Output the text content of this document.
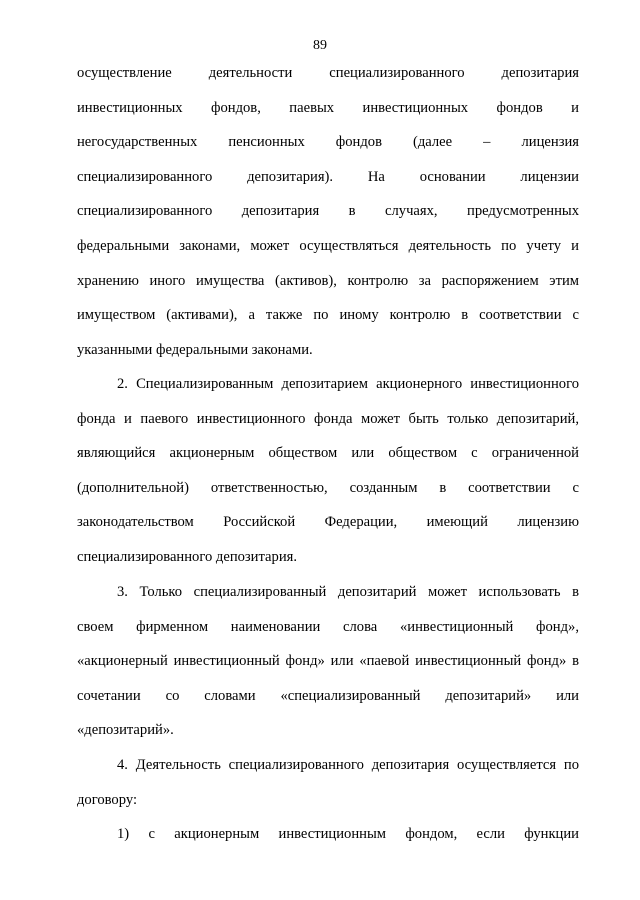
89
осуществление деятельности специализированного депозитария
инвестиционных фондов, паевых инвестиционных фондов и
негосударственных пенсионных фондов (далее – лицензия
специализированного депозитария). На основании лицензии
специализированного депозитария в случаях, предусмотренных
федеральными законами, может осуществляться деятельность по учету и
хранению иного имущества (активов), контролю за распоряжением этим
имуществом (активами), а также по иному контролю в соответствии с
указанными федеральными законами.
2. Специализированным депозитарием акционерного инвестиционного
фонда и паевого инвестиционного фонда может быть только депозитарий,
являющийся акционерным обществом или обществом с ограниченной
(дополнительной) ответственностью, созданным в соответствии с
законодательством Российской Федерации, имеющий лицензию
специализированного депозитария.
3. Только специализированный депозитарий может использовать в
своем фирменном наименовании слова «инвестиционный фонд»,
«акционерный инвестиционный фонд» или «паевой инвестиционный фонд» в
сочетании со словами «специализированный депозитарий» или
«депозитарий».
4. Деятельность специализированного депозитария осуществляется по
договору:
1) с акционерным инвестиционным фондом, если функции
